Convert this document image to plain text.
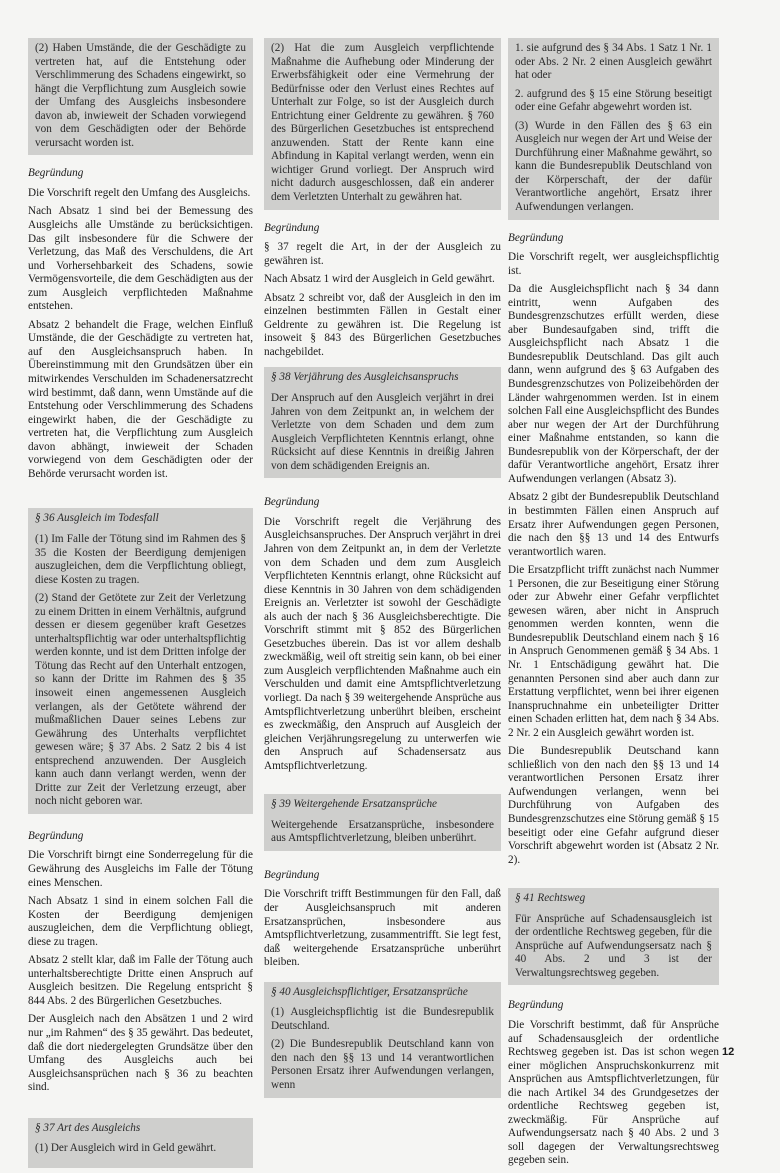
(2) Haben Umstände, die der Geschädigte zu vertreten hat, auf die Entstehung oder Verschlimmerung des Schadens eingewirkt, so hängt die Verpflichtung zum Ausgleich sowie der Umfang des Ausgleichs insbesondere davon ab, inwieweit der Schaden vorwiegend von dem Geschädigten oder der Behörde verursacht worden ist.

Begründung

Die Vorschrift regelt den Umfang des Ausgleichs.

Nach Absatz 1 sind bei der Bemessung des Ausgleichs alle Umstände zu berücksichtigen. Das gilt insbesondere für die Schwere der Verletzung, das Maß des Verschuldens, die Art und Vorhersehbarkeit des Schadens, sowie Vermögensvorteile, die dem Geschädigten aus der zum Ausgleich verpflichteden Maßnahme entstehen.

Absatz 2 behandelt die Frage, welchen Einfluß Umstände, die der Geschädigte zu vertreten hat, auf den Ausgleichsanspruch haben. In Übereinstimmung mit den Grundsätzen über ein mitwirkendes Verschulden im Schadenersatzrecht wird bestimmt, daß dann, wenn Umstände auf die Entstehung oder Verschlimmerung des Schadens eingewirkt haben, die der Geschädigte zu vertreten hat, die Verpflichtung zum Ausgleich davon abhängt, inwieweit der Schaden vorwiegend von dem Geschädigten oder der Behörde verursacht worden ist.

§ 36 Ausgleich im Todesfall

(1) Im Falle der Tötung sind im Rahmen des § 35 die Kosten der Beerdigung demjenigen auszugleichen, dem die Verpflichtung obliegt, diese Kosten zu tragen.

(2) Stand der Getötete zur Zeit der Verletzung zu einem Dritten in einem Verhältnis, aufgrund dessen er diesem gegenüber kraft Gesetzes unterhaltspflichtig war oder unterhaltspflichtig werden konnte, und ist dem Dritten infolge der Tötung das Recht auf den Unterhalt entzogen, so kann der Dritte im Rahmen des § 35 insoweit einen angemessenen Ausgleich verlangen, als der Getötete während der mußmaßlichen Dauer seines Lebens zur Gewährung des Unterhalts verpflichtet gewesen wäre; § 37 Abs. 2 Satz 2 bis 4 ist entsprechend anzuwenden. Der Ausgleich kann auch dann verlangt werden, wenn der Dritte zur Zeit der Verletzung erzeugt, aber noch nicht geboren war.

Begründung

Die Vorschrift birngt eine Sonderregelung für die Gewährung des Ausgleichs im Falle der Tötung eines Menschen.

Nach Absatz 1 sind in einem solchen Fall die Kosten der Beerdigung demjenigen auszugleichen, dem die Verpflichtung obliegt, diese zu tragen.

Absatz 2 stellt klar, daß im Falle der Tötung auch unterhaltsberechtigte Dritte einen Anspruch auf Ausgleich besitzen. Die Regelung entspricht § 844 Abs. 2 des Bürgerlichen Gesetzbuches.

Der Ausgleich nach den Absätzen 1 und 2 wird nur „im Rahmen“ des § 35 gewährt. Das bedeutet, daß die dort niedergelegten Grundsätze über den Umfang des Ausgleichs auch bei Ausgleichsansprüchen nach § 36 zu beachten sind.

§ 37 Art des Ausgleichs

(1) Der Ausgleich wird in Geld gewährt.

(2) Hat die zum Ausgleich verpflichtende Maßnahme die Aufhebung oder Minderung der Erwerbsfähigkeit oder eine Vermehrung der Bedürfnisse oder den Verlust eines Rechtes auf Unterhalt zur Folge, so ist der Ausgleich durch Entrichtung einer Geldrente zu gewähren. § 760 des Bürgerlichen Gesetzbuches ist entsprechend anzuwenden. Statt der Rente kann eine Abfindung in Kapital verlangt werden, wenn ein wichtiger Grund vorliegt. Der Anspruch wird nicht dadurch ausgeschlossen, daß ein anderer dem Verletzten Unterhalt zu gewähren hat.

Begründung

§ 37 regelt die Art, in der der Ausgleich zu gewähren ist.

Nach Absatz 1 wird der Ausgleich in Geld gewährt.

Absatz 2 schreibt vor, daß der Ausgleich in den im einzelnen bestimmten Fällen in Gestalt einer Geldrente zu gewähren ist. Die Regelung ist insoweit § 843 des Bürgerlichen Gesetzbuches nachgebildet.

§ 38 Verjährung des Ausgleichsanspruchs

Der Anspruch auf den Ausgleich verjährt in drei Jahren von dem Zeitpunkt an, in welchem der Verletzte von dem Schaden und dem zum Ausgleich Verpflichteten Kenntnis erlangt, ohne Rücksicht auf diese Kenntnis in dreißig Jahren von dem schädigenden Ereignis an.

Begründung

Die Vorschrift regelt die Verjährung des Ausgleichsanspruches. Der Anspruch verjährt in drei Jahren von dem Zeitpunkt an, in dem der Verletzte von dem Schaden und dem zum Ausgleich Verpflichteten Kenntnis erlangt, ohne Rücksicht auf diese Kenntnis in 30 Jahren von dem schädigenden Ereignis an. Verletzter ist sowohl der Geschädigte als auch der nach § 36 Ausgleichsberechtigte. Die Vorschrift stimmt mit § 852 des Bürgerlichen Gesetzbuches überein. Das ist vor allem deshalb zweckmäßig, weil oft streitig sein kann, ob bei einer zum Ausgleich verpflichtenden Maßnahme auch ein Verschulden und damit eine Amtspflichtverletzung vorliegt. Da nach § 39 weitergehende Ansprüche aus Amtspflichtverletzung unberührt bleiben, erscheint es zweckmäßig, den Anspruch auf Ausgleich der gleichen Verjährungsregelung zu unterwerfen wie den Anspruch auf Schadensersatz aus Amtspflichtverletzung.

§ 39 Weitergehende Ersatzansprüche

Weitergehende Ersatzansprüche, insbesondere aus Amtspflichtverletzung, bleiben unberührt.

Begründung

Die Vorschrift trifft Bestimmungen für den Fall, daß der Ausgleichsanspruch mit anderen Ersatzansprüchen, insbesondere aus Amtspflichtverletzung, zusammentrifft. Sie legt fest, daß weitergehende Ersatzansprüche unberührt bleiben.

§ 40 Ausgleichspflichtiger, Ersatzansprüche

(1) Ausgleichspflichtig ist die Bundesrepublik Deutschland.

(2) Die Bundesrepublik Deutschland kann von den nach den §§ 13 und 14 verantwortlichen Personen Ersatz ihrer Aufwendungen verlangen, wenn

1. sie aufgrund des § 34 Abs. 1 Satz 1 Nr. 1 oder Abs. 2 Nr. 2 einen Ausgleich gewährt hat oder

2. aufgrund des § 15 eine Störung beseitigt oder eine Gefahr abgewehrt worden ist.

(3) Wurde in den Fällen des § 63 ein Ausgleich nur wegen der Art und Weise der Durchführung einer Maßnahme gewährt, so kann die Bundesrepublik Deutschland von der Körperschaft, der der dafür Verantwortliche angehört, Ersatz ihrer Aufwendungen verlangen.

Begründung

Die Vorschrift regelt, wer ausgleichspflichtig ist.

Da die Ausgleichspflicht nach § 34 dann eintritt, wenn Aufgaben des Bundesgrenzschutzes erfüllt werden, diese aber Bundesaufgaben sind, trifft die Ausgleichspflicht nach Absatz 1 die Bundesrepublik Deutschland. Das gilt auch dann, wenn aufgrund des § 63 Aufgaben des Bundesgrenzschutzes von Polizeibehörden der Länder wahrgenommen werden. Ist in einem solchen Fall eine Ausgleichspflicht des Bundes aber nur wegen der Art der Durchführung einer Maßnahme entstanden, so kann die Bundesrepublik von der Körperschaft, der der dafür Verantwortliche angehört, Ersatz ihrer Aufwendungen verlangen (Absatz 3).

Absatz 2 gibt der Bundesrepublik Deutschland in bestimmten Fällen einen Anspruch auf Ersatz ihrer Aufwendungen gegen Personen, die nach den §§ 13 und 14 des Entwurfs verantwortlich waren.

Die Ersatzpflicht trifft zunächst nach Nummer 1 Personen, die zur Beseitigung einer Störung oder zur Abwehr einer Gefahr verpflichtet gewesen wären, aber nicht in Anspruch genommen werden konnten, wenn die Bundesrepublik Deutschland einem nach § 16 in Anspruch Genommenen gemäß § 34 Abs. 1 Nr. 1 Entschädigung gewährt hat. Die genannten Personen sind aber auch dann zur Erstattung verpflichtet, wenn bei ihrer eigenen Inanspruchnahme ein unbeteiligter Dritter einen Schaden erlitten hat, dem nach § 34 Abs. 2 Nr. 2 ein Ausgleich gewährt worden ist.

Die Bundesrepublik Deutschand kann schließlich von den nach den §§ 13 und 14 verantwortlichen Personen Ersatz ihrer Aufwendungen verlangen, wenn bei Durchführung von Aufgaben des Bundesgrenzschutzes eine Störung gemäß § 15 beseitigt oder eine Gefahr aufgrund dieser Vorschrift abgewehrt worden ist (Absatz 2 Nr. 2).

§ 41 Rechtsweg

Für Ansprüche auf Schadensausgleich ist der ordentliche Rechtsweg gegeben, für die Ansprüche auf Aufwendungsersatz nach § 40 Abs. 2 und 3 ist der Verwaltungsrechtsweg gegeben.

Begründung

Die Vorschrift bestimmt, daß für Ansprüche auf Schadensausgleich der ordentliche Rechtsweg gegeben ist. Das ist schon wegen einer möglichen Anspruchskonkurrenz mit Ansprüchen aus Amtspflichtverletzungen, für die nach Artikel 34 des Grundgesetzes der ordentliche Rechtsweg gegeben ist, zweckmäßig. Für Ansprüche auf Aufwendungsersatz nach § 40 Abs. 2 und 3 soll dagegen der Verwaltungsrechtsweg gegeben sein.

12
